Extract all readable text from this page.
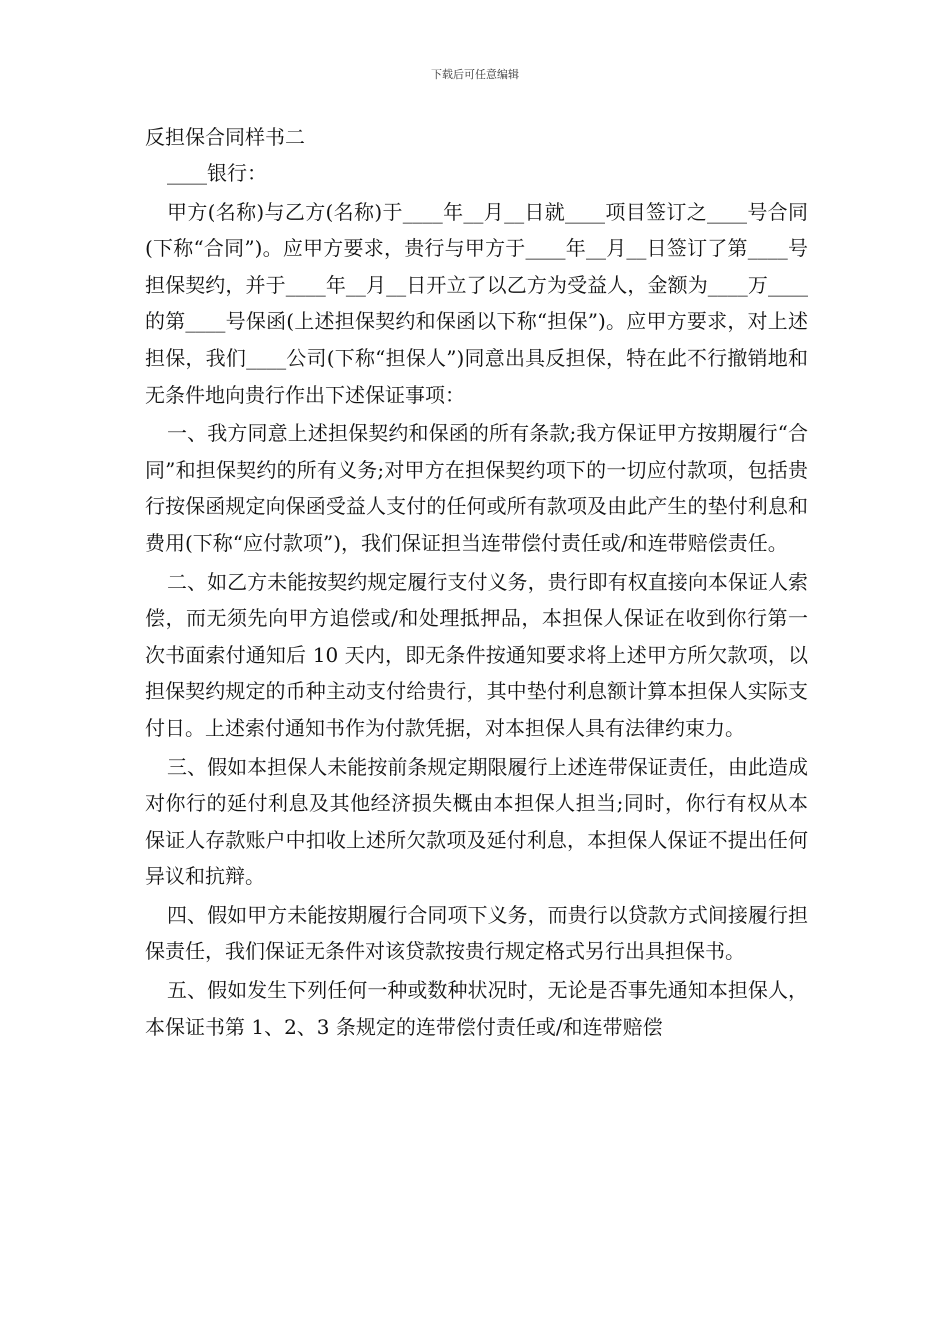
下载后可任意编辑
反担保合同样书二

____银行：

甲方(名称)与乙方(名称)于____年__月__日就____项目签订之____号合同(下称“合同”)。应甲方要求，贵行与甲方于____年__月__日签订了第____号担保契约，并于____年__月__日开立了以乙方为受益人，金额为____万____的第____号保函(上述担保契约和保函以下称“担保”)。应甲方要求，对上述担保，我们____公司(下称“担保人”)同意出具反担保，特在此不行撤销地和无条件地向贵行作出下述保证事项：

一、我方同意上述担保契约和保函的所有条款;我方保证甲方按期履行“合同”和担保契约的所有义务;对甲方在担保契约项下的一切应付款项，包括贵行按保函规定向保函受益人支付的任何或所有款项及由此产生的垫付利息和费用(下称“应付款项”)，我们保证担当连带偿付责任或/和连带赔偿责任。

二、如乙方未能按契约规定履行支付义务，贵行即有权直接向本保证人索偿，而无须先向甲方追偿或/和处理抵押品，本担保人保证在收到你行第一次书面索付通知后 10 天内，即无条件按通知要求将上述甲方所欠款项，以担保契约规定的币种主动支付给贵行，其中垫付利息额计算本担保人实际支付日。上述索付通知书作为付款凭据，对本担保人具有法律约束力。

三、假如本担保人未能按前条规定期限履行上述连带保证责任，由此造成对你行的延付利息及其他经济损失概由本担保人担当;同时，你行有权从本保证人存款账户中扣收上述所欠款项及延付利息，本担保人保证不提出任何异议和抗辩。

四、假如甲方未能按期履行合同项下义务，而贵行以贷款方式间接履行担保责任，我们保证无条件对该贷款按贵行规定格式另行出具担保书。

五、假如发生下列任何一种或数种状况时，无论是否事先通知本担保人，本保证书第 1、2、3 条规定的连带偿付责任或/和连带赔偿
